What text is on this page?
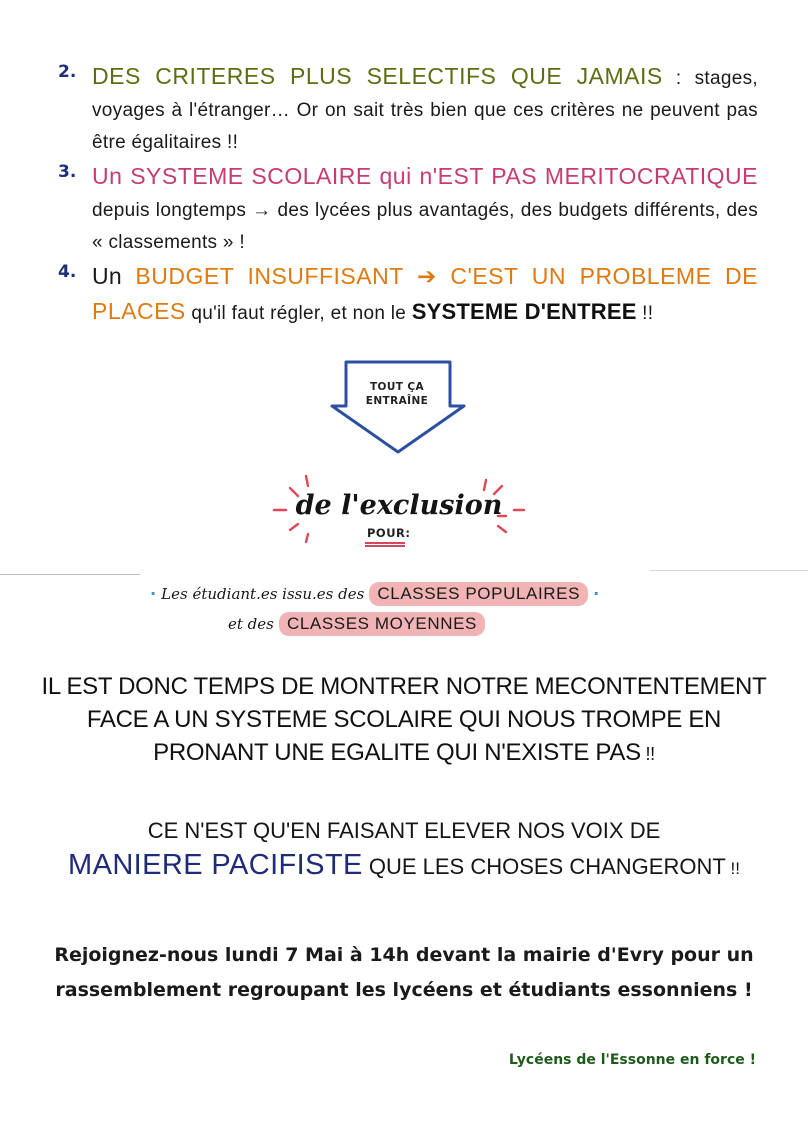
2. DES CRITERES PLUS SELECTIFS QUE JAMAIS : stages, voyages à l'étranger… Or on sait très bien que ces critères ne peuvent pas être égalitaires !!
3. Un SYSTEME SCOLAIRE qui n'EST PAS MERITOCRATIQUE depuis longtemps → des lycées plus avantagés, des budgets différents, des « classements » !
4. Un BUDGET INSUFFISANT ➔ C'EST UN PROBLEME DE PLACES qu'il faut régler, et non le SYSTEME D'ENTREE !!
TOUT ÇA
ENTRAÎNE
de l'exclusion
POUR:
· Les étudiant.es issu.es des CLASSES POPULAIRES ·
et des CLASSES MOYENNES
IL EST DONC TEMPS DE MONTRER NOTRE MECONTENTEMENT FACE A UN SYSTEME SCOLAIRE QUI NOUS TROMPE EN PRONANT UNE EGALITE QUI N'EXISTE PAS !!
CE N'EST QU'EN FAISANT ELEVER NOS VOIX DE
MANIERE PACIFISTE QUE LES CHOSES CHANGERONT !!
Rejoignez-nous lundi 7 Mai à 14h devant la mairie d'Evry pour un rassemblement regroupant les lycéens et étudiants essonniens !
Lycéens de l'Essonne en force !
